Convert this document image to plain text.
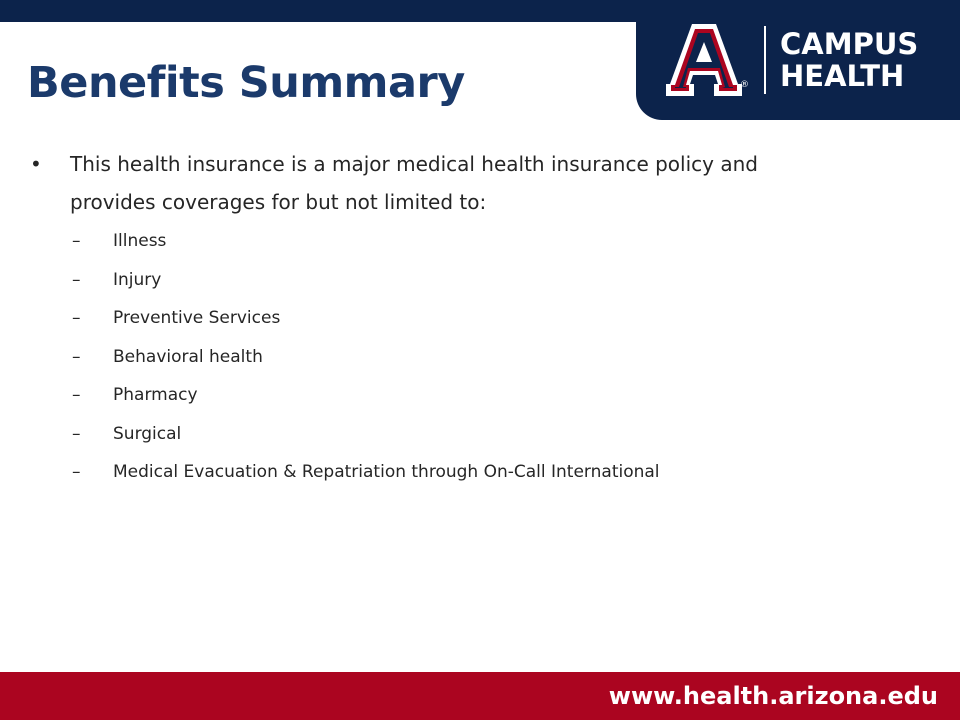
®
CAMPUS
HEALTH
Benefits Summary
• This health insurance is a major medical health insurance policy and provides coverages for but not limited to:
– Illness
– Injury
– Preventive Services
– Behavioral health
– Pharmacy
– Surgical
– Medical Evacuation & Repatriation through On-Call International
www.health.arizona.edu
